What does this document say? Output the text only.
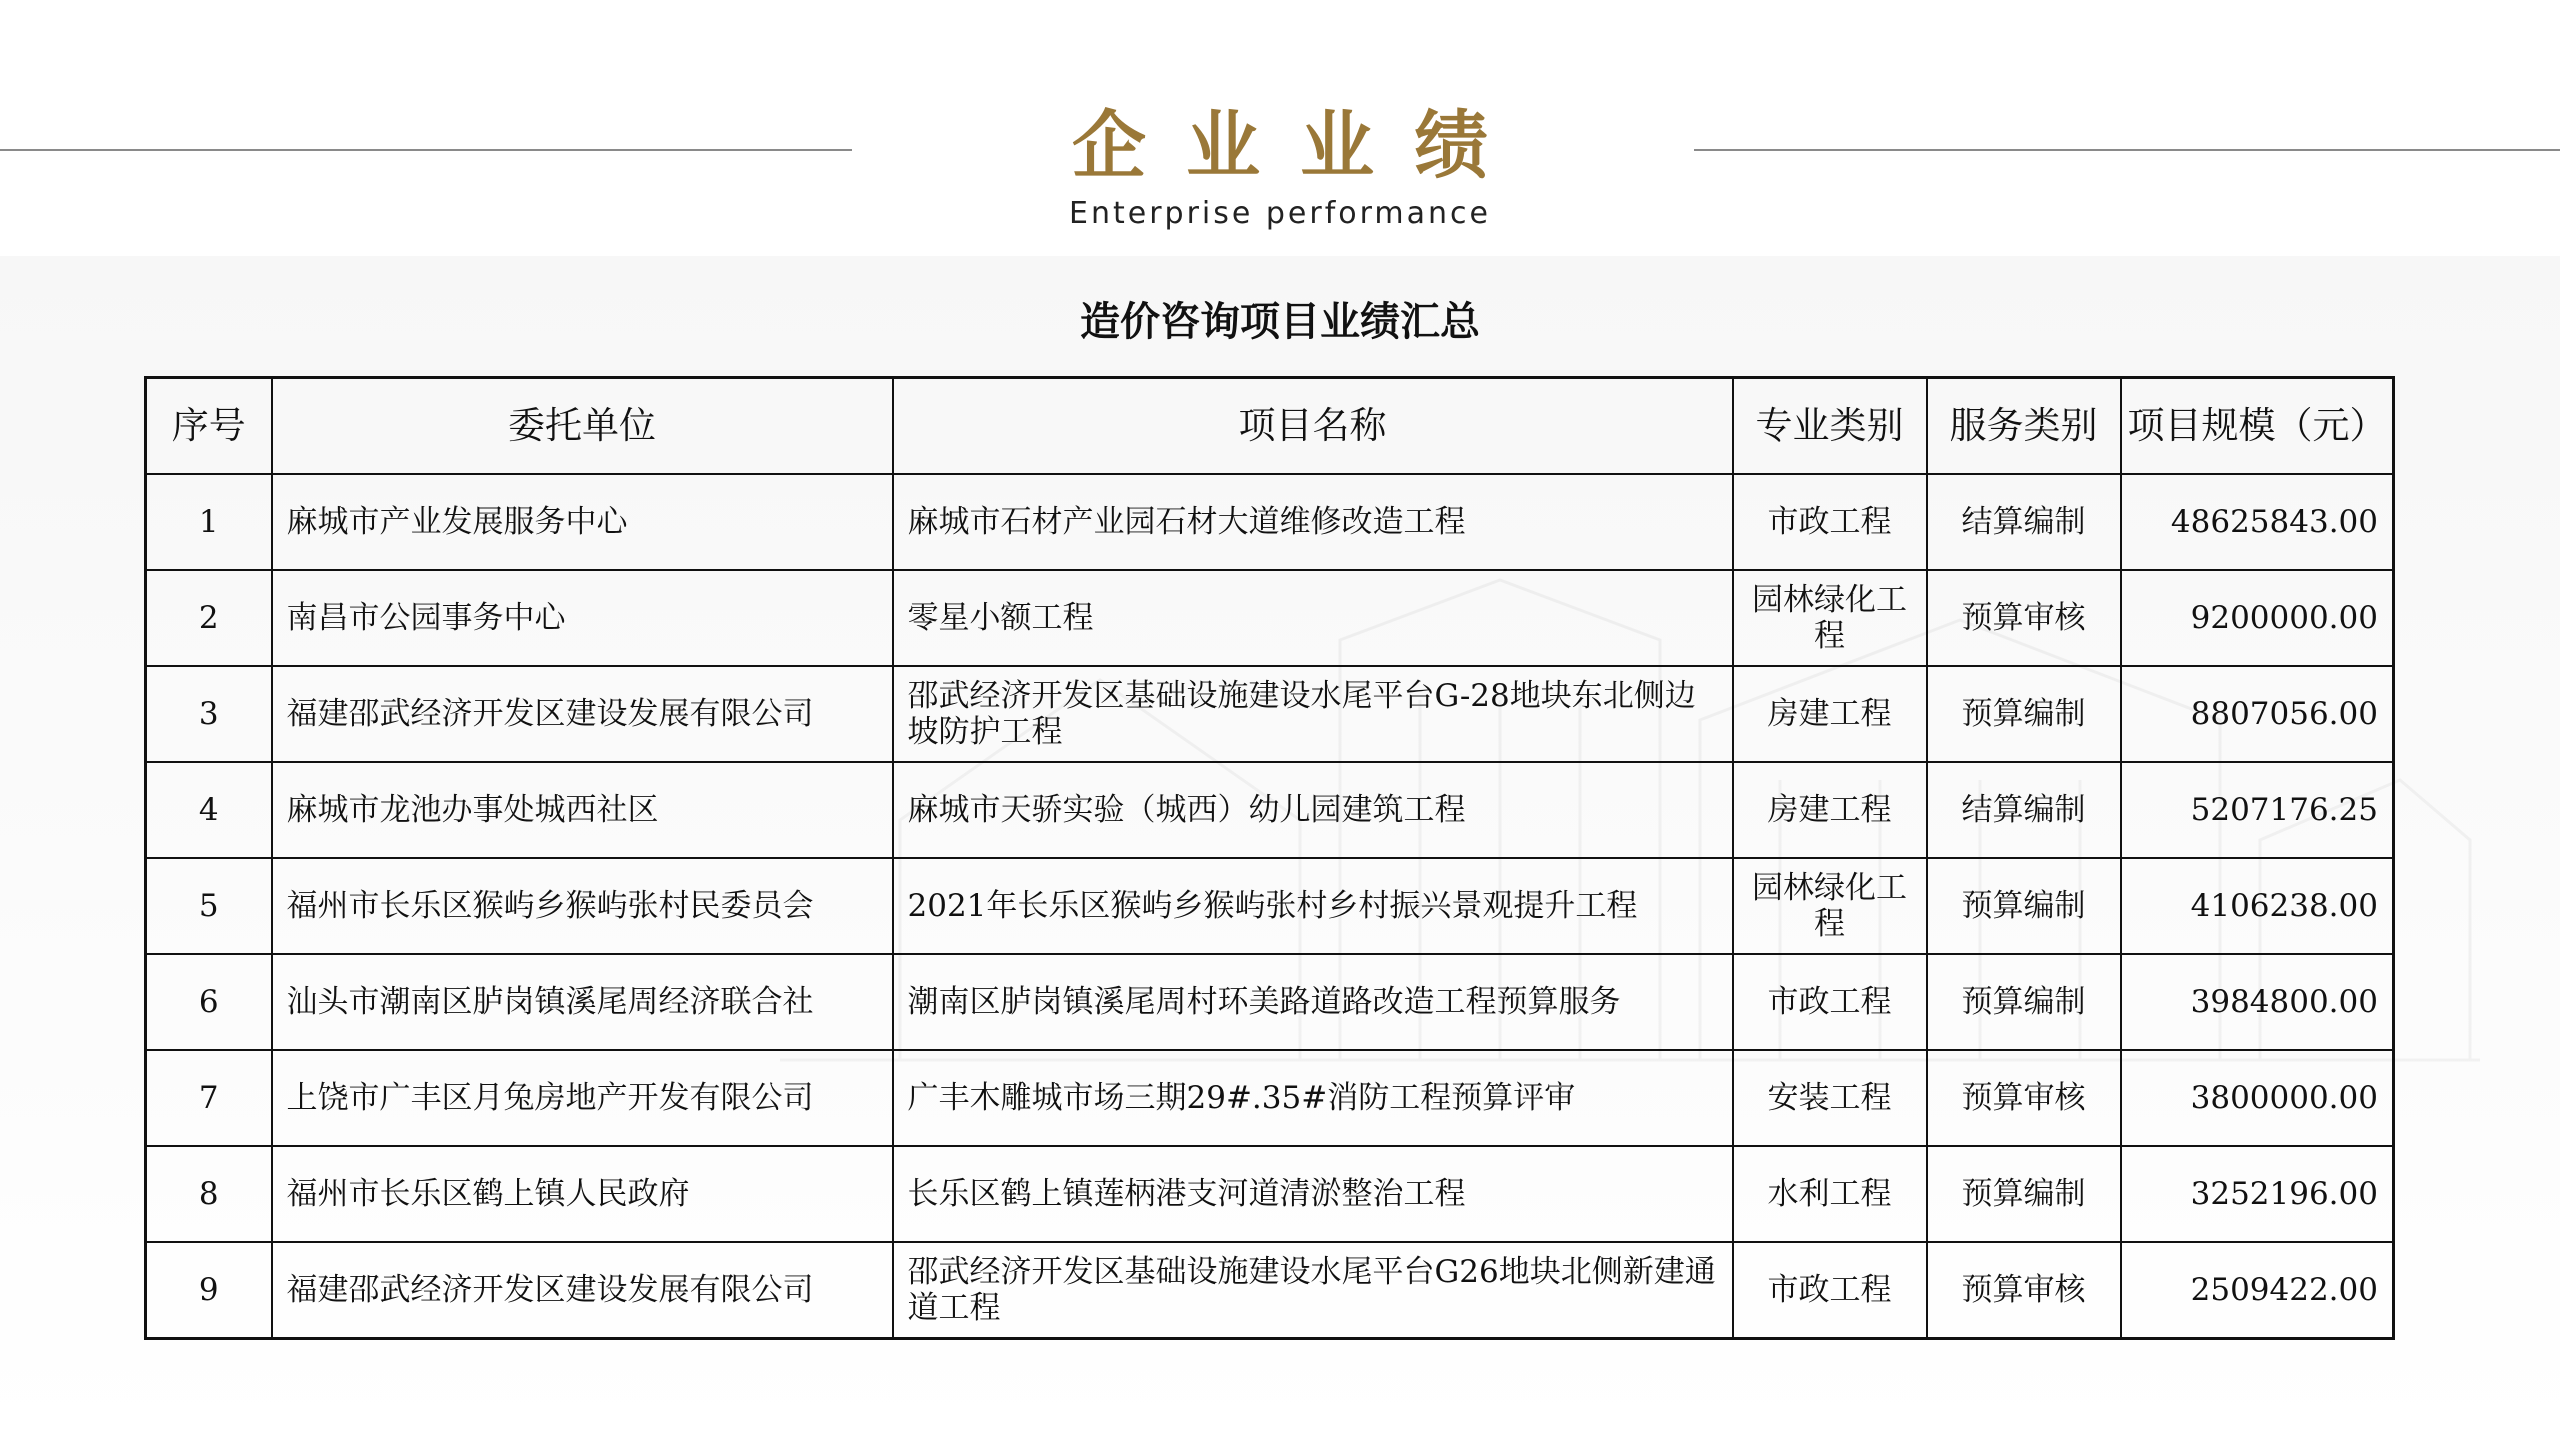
企业业绩
Enterprise performance
造价咨询项目业绩汇总
序号	委托单位	项目名称	专业类别	服务类别	项目规模（元）
1	麻城市产业发展服务中心	麻城市石材产业园石材大道维修改造工程	市政工程	结算编制	48625843.00
2	南昌市公园事务中心	零星小额工程	园林绿化工程	预算审核	9200000.00
3	福建邵武经济开发区建设发展有限公司	邵武经济开发区基础设施建设水尾平台G-28地块东北侧边坡防护工程	房建工程	预算编制	8807056.00
4	麻城市龙池办事处城西社区	麻城市天骄实验（城西）幼儿园建筑工程	房建工程	结算编制	5207176.25
5	福州市长乐区猴屿乡猴屿张村民委员会	2021年长乐区猴屿乡猴屿张村乡村振兴景观提升工程	园林绿化工程	预算编制	4106238.00
6	汕头市潮南区胪岗镇溪尾周经济联合社	潮南区胪岗镇溪尾周村环美路道路改造工程预算服务	市政工程	预算编制	3984800.00
7	上饶市广丰区月兔房地产开发有限公司	广丰木雕城市场三期29#.35#消防工程预算评审	安装工程	预算审核	3800000.00
8	福州市长乐区鹤上镇人民政府	长乐区鹤上镇莲柄港支河道清淤整治工程	水利工程	预算编制	3252196.00
9	福建邵武经济开发区建设发展有限公司	邵武经济开发区基础设施建设水尾平台G26地块北侧新建通道工程	市政工程	预算审核	2509422.00
